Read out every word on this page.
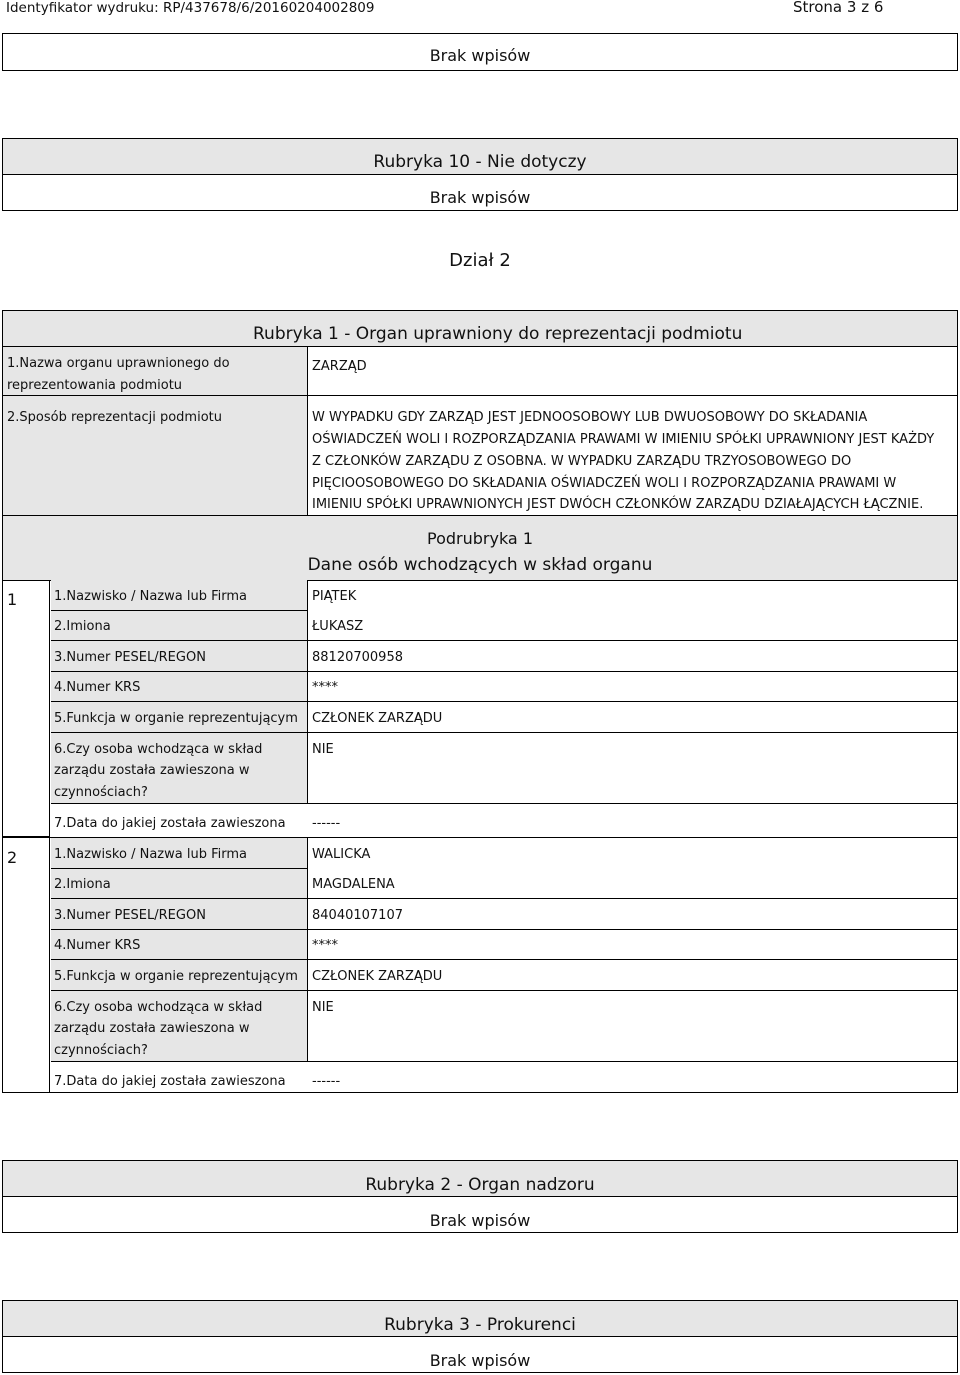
Identyfikator wydruku: RP/437678/6/20160204002809	Strona 3 z 6
Brak wpisów
Rubryka 10 - Nie dotyczy
Brak wpisów
Dział 2
Rubryka 1 - Organ uprawniony do reprezentacji podmiotu
1.Nazwa organu uprawnionego do reprezentowania podmiotu
ZARZĄD
2.Sposób reprezentacji podmiotu	W WYPADKU GDY ZARZĄD JEST JEDNOOSOBOWY LUB DWUOSOBOWY DO SKŁADANIA
OŚWIADCZEŃ WOLI I ROZPORZĄDZANIA PRAWAMI W IMIENIU SPÓŁKI UPRAWNIONY JEST KAŻDY
Z CZŁONKÓW ZARZĄDU Z OSOBNA. W WYPADKU ZARZĄDU TRZYOSOBOWEGO DO
PIĘCIOOSOBOWEGO DO SKŁADANIA OŚWIADCZEŃ WOLI I ROZPORZĄDZANIA PRAWAMI W
IMIENIU SPÓŁKI UPRAWNIONYCH JEST DWÓCH CZŁONKÓW ZARZĄDU DZIAŁAJĄCYCH ŁĄCZNIE.
Podrubryka 1
Dane osób wchodzących w skład organu
1	1.Nazwisko / Nazwa lub Firma	PIĄTEK
2.Imiona	ŁUKASZ
3.Numer PESEL/REGON	88120700958
4.Numer KRS	****
5.Funkcja w organie reprezentującym CZŁONEK ZARZĄDU
6.Czy osoba wchodząca w skład
zarządu została zawieszona w
czynnościach?
NIE
7.Data do jakiej została zawieszona ------
2	1.Nazwisko / Nazwa lub Firma	WALICKA
2.Imiona	MAGDALENA
3.Numer PESEL/REGON	84040107107
4.Numer KRS	****
5.Funkcja w organie reprezentującym CZŁONEK ZARZĄDU
6.Czy osoba wchodząca w skład
zarządu została zawieszona w
czynnościach?
NIE
7.Data do jakiej została zawieszona ------
Rubryka 2 - Organ nadzoru
Brak wpisów
Rubryka 3 - Prokurenci
Brak wpisów
